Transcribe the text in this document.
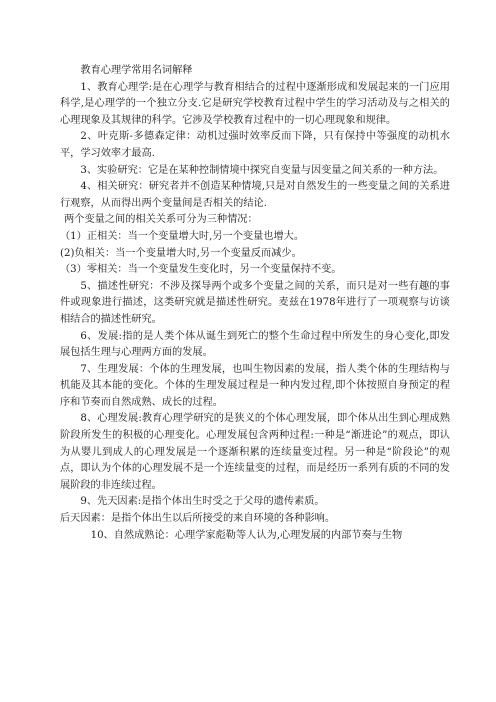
教育心理学常用名词解释

1、教育心理学:是在心理学与教育相结合的过程中逐渐形成和发展起来的一门应用科学,是心理学的一个独立分支.它是研究学校教育过程中学生的学习活动及与之相关的心理现象及其规律的科学。它涉及学校教育过程中的一切心理现象和规律。

2、叶克斯-多德森定律：动机过强时效率反而下降，只有保持中等强度的动机水平，学习效率才最高.

3、实验研究：它是在某种控制情境中探究自变量与因变量之间关系的一种方法。

4、相关研究：研究者并不创造某种情境,只是对自然发生的一些变量之间的关系进行观察，从而得出两个变量间是否相关的结论.

两个变量之间的相关关系可分为三种情况：

（1）正相关：当一个变量增大时,另一个变量也增大。

(2)负相关：当一个变量增大时,另一个变量反而减少。

（3）零相关：当一个变量发生变化时，另一个变量保持不变。

5、描述性研究：不涉及探导两个或多个变量之间的关系，而只是对一些有趣的事件或现象进行描述，这类研究就是描述性研究。麦兹在1978年进行了一项观察与访谈相结合的描述性研究。

6、发展:指的是人类个体从诞生到死亡的整个生命过程中所发生的身心变化,即发展包括生理与心理两方面的发展。

7、生理发展：个体的生理发展，也叫生物因素的发展，指人类个体的生理结构与机能及其本能的变化。个体的生理发展过程是一种内发过程,即个体按照自身预定的程序和节奏而自然成熟、成长的过程。

8、心理发展:教育心理学研究的是狭义的个体心理发展，即个体从出生到心理成熟阶段所发生的积极的心理变化。心理发展包含两种过程:一种是“渐进论”的观点，即认为从婴儿到成人的心理发展是一个逐渐积累的连续量变过程。另一种是“阶段论”的观点，即认为个体的心理发展不是一个连续量变的过程，而是经历一系列有质的不同的发展阶段的非连续过程。

9、先天因素:是指个体出生时受之于父母的遗传素质。

后天因素：是指个体出生以后所接受的来自环境的各种影响。

10、自然成熟论：心理学家彪勒等人认为,心理发展的内部节奏与生物
